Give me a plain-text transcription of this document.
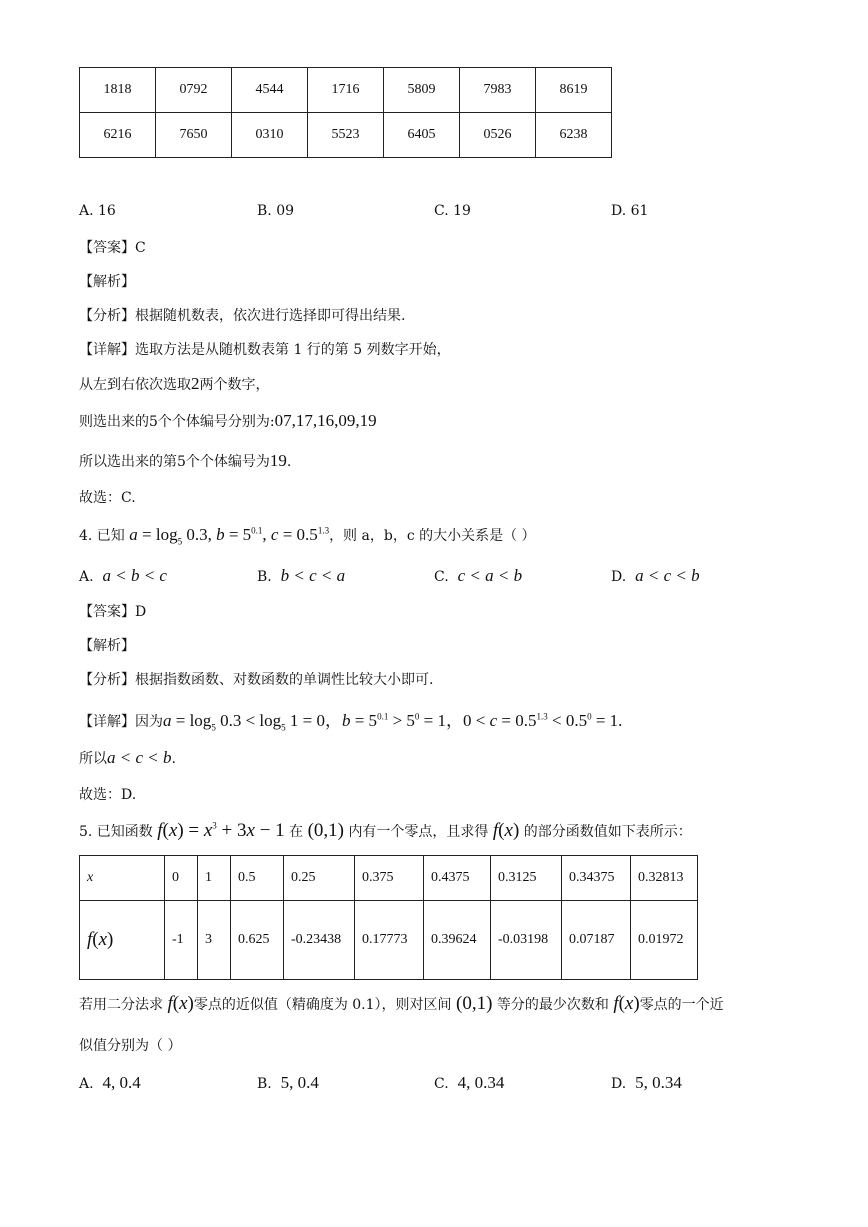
1818	0792	4544	1716	5809	7983	8619
6216	7650	0310	5523	6405	0526	6238
A. 16	B. 09	C. 19	D. 61
【答案】C
【解析】
【分析】根据随机数表，依次进行选择即可得出结果.
【详解】选取方法是从随机数表第 1 行的第 5 列数字开始，
从左到右依次选取2两个数字，
则选出来的5个个体编号分别为:07,17,16,09,19
所以选出来的第5个个体编号为19.
故选：C.
4. 已知 $a = \log_5 0.3$, $b = 5^{0.1}$, $c = 0.5^{1.3}$，则 a，b，c 的大小关系是（ ）
A. a < b < c	B. b < c < a	C. c < a < b	D. a < c < b
【答案】D
【解析】
【分析】根据指数函数、对数函数的单调性比较大小即可.
【详解】因为$a = \log_5 0.3 < \log_5 1 = 0$，$b = 5^{0.1} > 5^0 = 1$，$0 < c = 0.5^{1.3} < 0.5^0 = 1$.
所以a < c < b.
故选：D.
5. 已知函数 $f(x) = x^3 + 3x - 1$ 在 (0,1) 内有一个零点，且求得 f(x) 的部分函数值如下表所示：
x	0	1	0.5	0.25	0.375	0.4375	0.3125	0.34375	0.32813
f(x)	-1	3	0.625	-0.23438	0.17773	0.39624	-0.03198	0.07187	0.01972
若用二分法求 f(x)零点的近似值（精确度为 0.1），则对区间 (0,1) 等分的最少次数和 f(x)零点的一个近
似值分别为（ ）
A. 4, 0.4	B. 5, 0.4	C. 4, 0.34	D. 5, 0.34
